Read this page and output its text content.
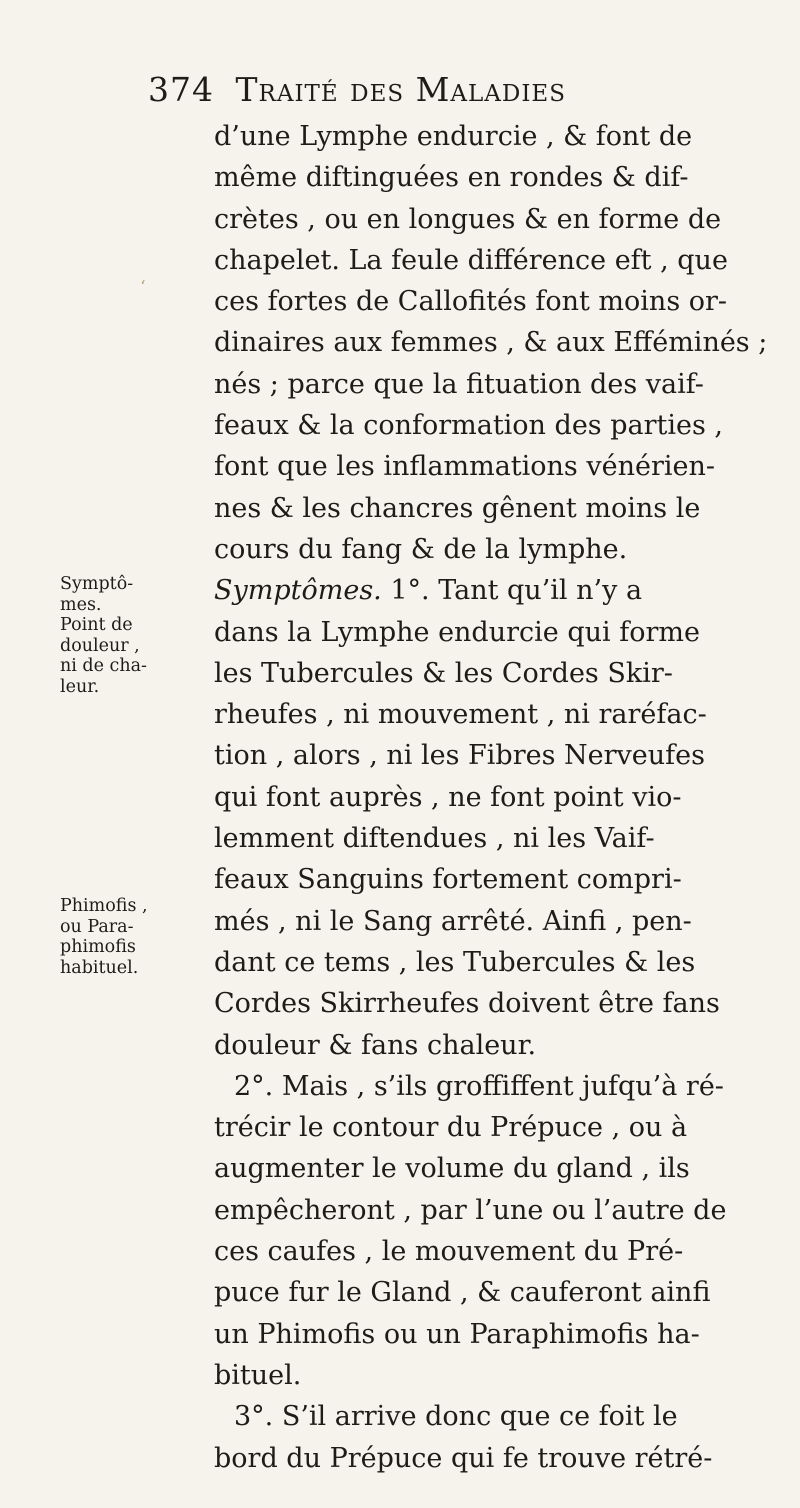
374 Traité des Maladies
d’une Lymphe endurcie , & font de
même diftinguées en rondes & dif-
crètes , ou en longues & en forme de
chapelet. La feule différence eft , que
ces fortes de Callofités font moins or-
dinaires aux femmes , & aux Efféminés ;
nés ; parce que la fituation des vaif-
feaux & la conformation des parties ,
font que les inflammations vénérien-
nes & les chancres gênent moins le
cours du fang & de la lymphe.
Symptômes. 1°. Tant qu’il n’y a
dans la Lymphe endurcie qui forme
les Tubercules & les Cordes Skir-
rheufes , ni mouvement , ni raréfac-
tion , alors , ni les Fibres Nerveufes
qui font auprès , ne font point vio-
lemment diftendues , ni les Vaif-
feaux Sanguins fortement compri-
més , ni le Sang arrêté. Ainfi , pen-
dant ce tems , les Tubercules & les
Cordes Skirrheufes doivent être fans
douleur & fans chaleur.
2°. Mais , s’ils groffiffent jufqu’à ré-
trécir le contour du Prépuce , ou à
augmenter le volume du gland , ils
empêcheront , par l’une ou l’autre de
ces caufes , le mouvement du Pré-
puce fur le Gland , & cauferont ainfi
un Phimofis ou un Paraphimofis ha-
bituel.
3°. S’il arrive donc que ce foit le
bord du Prépuce qui fe trouve rétré-
Symptô-
mes.
Point de
douleur ,
ni de cha-
leur.
Phimofis ,
ou Para-
phimofis
habituel.
ʻ
